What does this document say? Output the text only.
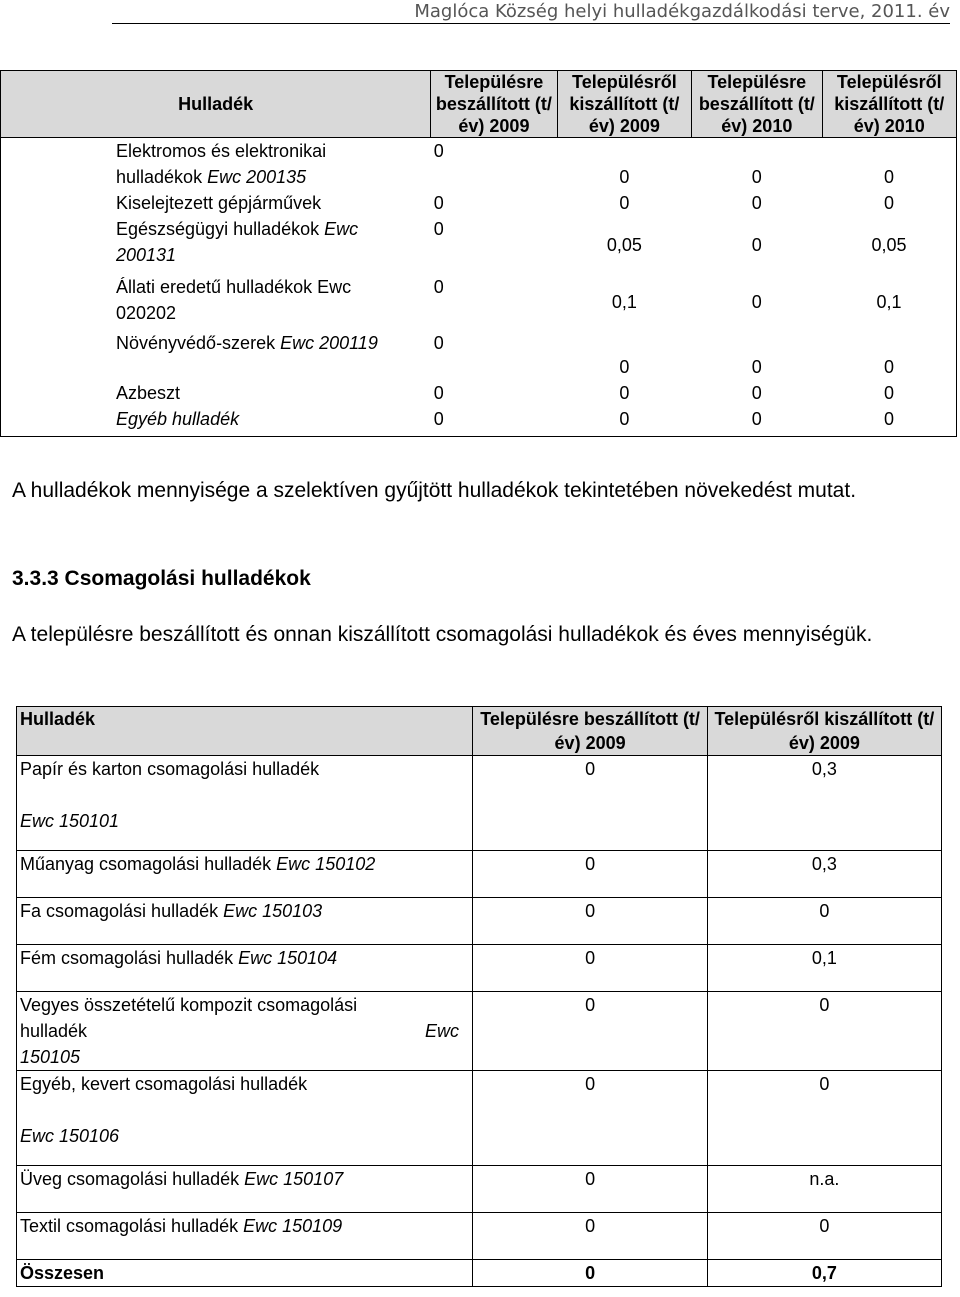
Maglóca Község helyi hulladékgazdálkodási terve, 2011. év
Hulladék	Településre beszállított (t/év) 2009	Településről kiszállított (t/év) 2009	Településre beszállított (t/év) 2010	Településről kiszállított (t/év) 2010
Elektromos és elektronikai
hulladékok Ewc 200135	0	0	0	0
Kiselejtezett gépjárművek	0	0	0	0
Egészségügyi hulladékok Ewc
200131	0	0,05	0	0,05
Állati eredetű hulladékok Ewc
020202	0	0,1	0	0,1
Növényvédő-szerek Ewc 200119	0	0	0	0
Azbeszt	0	0	0	0
Egyéb hulladék	0	0	0	0
A hulladékok mennyisége a szelektíven gyűjtött hulladékok tekintetében növekedést mutat.
3.3.3 Csomagolási hulladékok
A településre beszállított és onnan kiszállított csomagolási hulladékok és éves mennyiségük.
Hulladék	Településre beszállított (t/év) 2009	Településről kiszállított (t/év) 2009
Papír és karton csomagolási hulladék

Ewc 150101	0	0,3
Műanyag csomagolási hulladék Ewc 150102	0	0,3
Fa csomagolási hulladék Ewc 150103	0	0
Fém csomagolási hulladék Ewc 150104	0	0,1
Vegyes összetételű kompozit csomagolási hulladék Ewc 150105	0	0
Egyéb, kevert csomagolási hulladék

Ewc 150106	0	0
Üveg csomagolási hulladék Ewc 150107	0	n.a.
Textil csomagolási hulladék Ewc 150109	0	0
Összesen	0	0,7
